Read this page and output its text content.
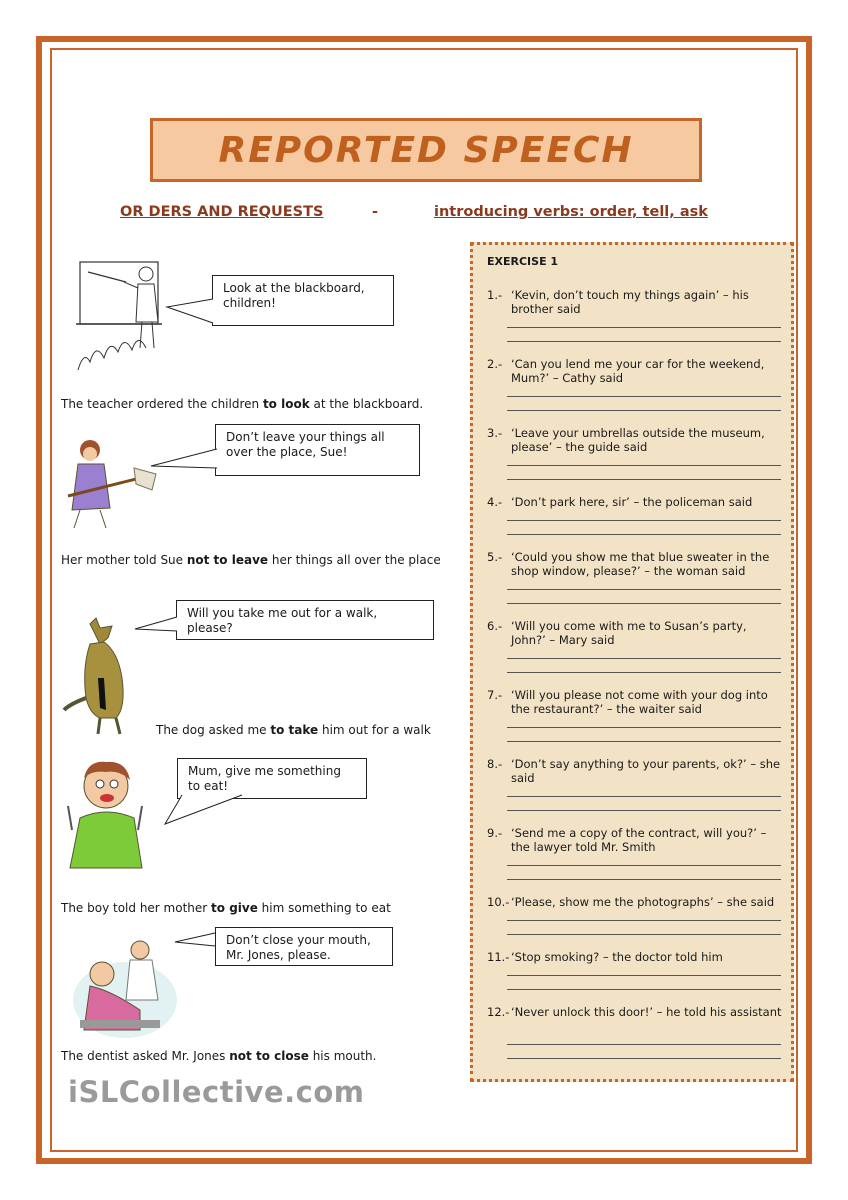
REPORTED SPEECH
OR DERS AND REQUESTS	-	introducing verbs: order, tell, ask
Look at the blackboard, children!
The teacher ordered the children to look at the blackboard.
Don’t leave your things all over the place, Sue!
Her mother told Sue not to leave her things all over the place
Will you take me out for a walk, please?
The dog asked me to take him out for a walk
Mum, give me something to eat!
The boy told her mother to give him something to eat
Don’t close your mouth, Mr. Jones, please.
The dentist asked Mr. Jones not to close his mouth.
EXERCISE 1
1.- ‘Kevin, don’t touch my things again’ – his brother said
2.- ‘Can you lend me your car for the weekend, Mum?’ – Cathy said
3.- ‘Leave your umbrellas outside the museum, please’ – the guide said
4.- ‘Don’t park here, sir’ – the policeman said
5.- ‘Could you show me that blue sweater in the shop window, please?’ – the woman said
6.- ‘Will you come with me to Susan’s party, John?’ – Mary said
7.- ‘Will you please not come with your dog into the restaurant?’ – the waiter said
8.- ‘Don’t say anything to your parents, ok?’ – she said
9.- ‘Send me a copy of the contract, will you?’ – the lawyer told Mr. Smith
10.- ‘Please, show me the photographs’ – she said
11.- ‘Stop smoking? – the doctor told him
12.- ‘Never unlock this door!’ – he told his assistant
iSLCollective.com
